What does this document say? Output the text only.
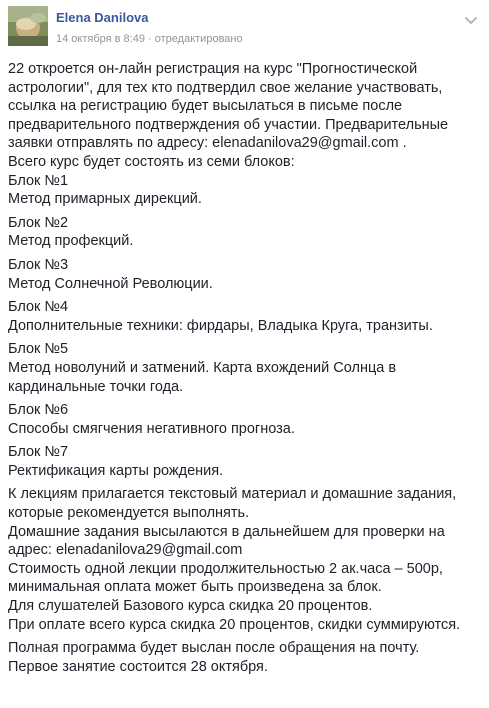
Elena Danilova
14 октября в 8:49 · отредактировано

22 откроется он-лайн регистрация на курс "Прогностической
астрологии", для тех кто подтвердил свое желание участвовать,
ссылка на регистрацию будет высылаться в письме после
предварительного подтверждения об участии. Предварительные
заявки отправлять по адресу: elenadanilova29@gmail.com .
Всего курс будет состоять из семи блоков:
Блок №1
Метод примарных дирекций.

Блок №2
Метод профекций.

Блок №3
Метод Солнечной Революции.

Блок №4
Дополнительные техники: фирдары, Владыка Круга, транзиты.

Блок №5
Метод новолуний и затмений. Карта вхождений Солнца в
кардинальные точки года.

Блок №6
Способы смягчения негативного прогноза.

Блок №7
Ректификация карты рождения.

К лекциям прилагается текстовый материал и домашние задания,
которые рекомендуется выполнять.
Домашние задания высылаются в дальнейшем для проверки на
адрес: elenadanilova29@gmail.com
Стоимость одной лекции продолжительностью 2 ак.часа – 500р,
минимальная оплата может быть произведена за блок.
Для слушателей Базового курса скидка 20 процентов.
При оплате всего курса скидка 20 процентов, скидки суммируются.

Полная программа будет выслан после обращения на почту.
Первое занятие состоится 28 октября.
